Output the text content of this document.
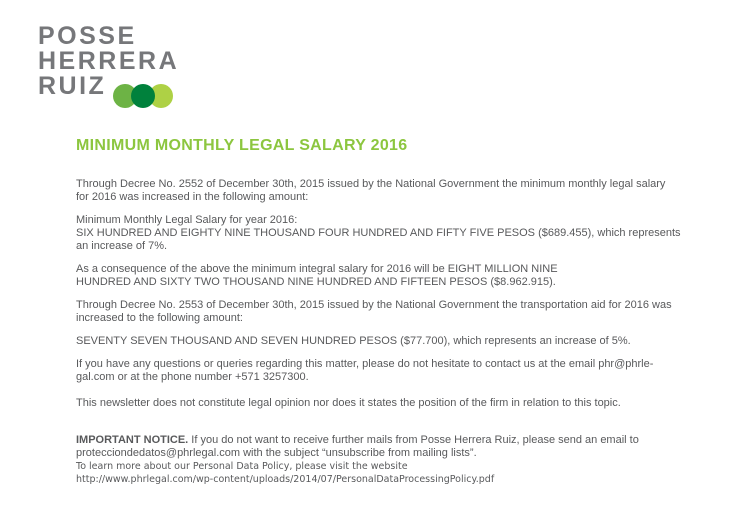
POSSE
HERRERA
RUIZ
MINIMUM MONTHLY LEGAL SALARY 2016
Through Decree No. 2552 of December 30th, 2015 issued by the National Government the minimum monthly legal salary
for 2016 was increased in the following amount:
Minimum Monthly Legal Salary for year 2016:
SIX HUNDRED AND EIGHTY NINE THOUSAND FOUR HUNDRED AND FIFTY FIVE PESOS ($689.455), which represents
an increase of 7%.
As a consequence of the above the minimum integral salary for 2016 will be EIGHT MILLION NINE
HUNDRED AND SIXTY TWO THOUSAND NINE HUNDRED AND FIFTEEN PESOS ($8.962.915).
Through Decree No. 2553 of December 30th, 2015 issued by the National Government the transportation aid for 2016 was
increased to the following amount:
SEVENTY SEVEN THOUSAND AND SEVEN HUNDRED PESOS ($77.700), which represents an increase of 5%.
If you have any questions or queries regarding this matter, please do not hesitate to contact us at the email phr@phrle-
gal.com or at the phone number +571 3257300.
This newsletter does not constitute legal opinion nor does it states the position of the firm in relation to this topic.
IMPORTANT NOTICE. If you do not want to receive further mails from Posse Herrera Ruiz, please send an email to
protecciondedatos@phrlegal.com with the subject “unsubscribe from mailing lists”.
To learn more about our Personal Data Policy, please visit the website
http://www.phrlegal.com/wp-content/uploads/2014/07/PersonalDataProcessingPolicy.pdf
